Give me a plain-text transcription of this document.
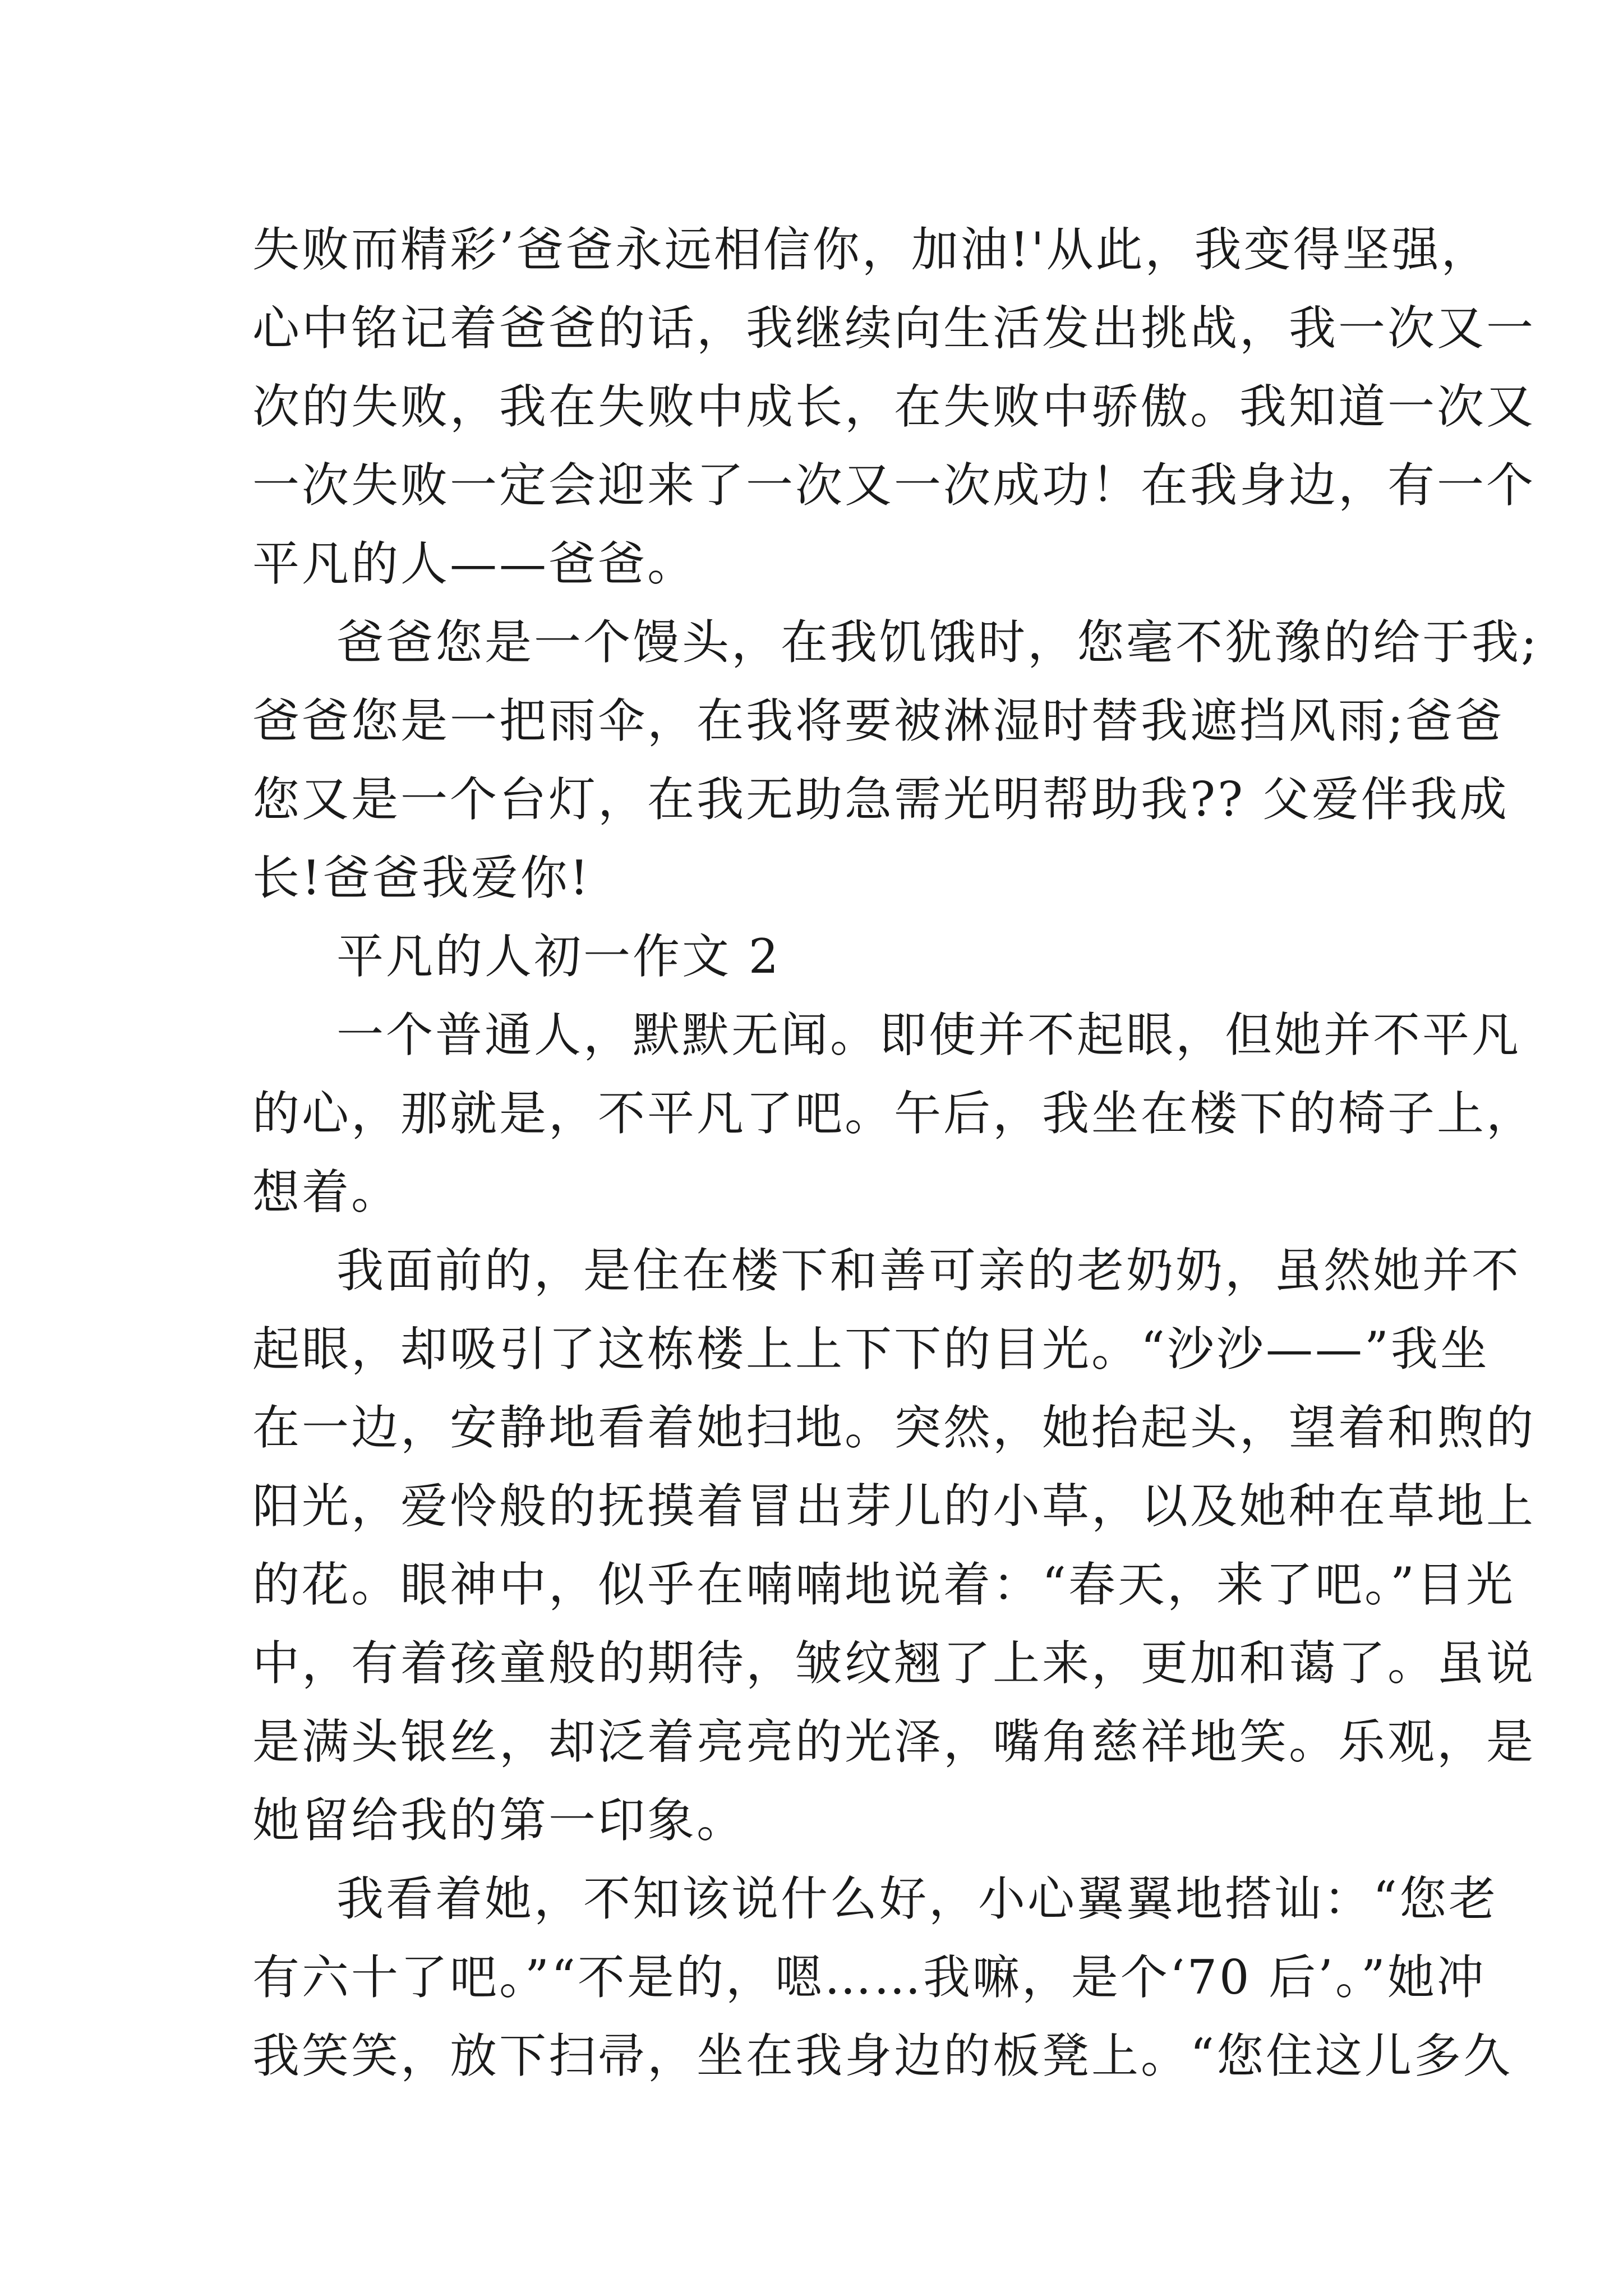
失败而精彩’爸爸永远相信你，加油!'从此，我变得坚强，
心中铭记着爸爸的话，我继续向生活发出挑战，我一次又一
次的失败，我在失败中成长，在失败中骄傲。我知道一次又
一次失败一定会迎来了一次又一次成功！在我身边，有一个
平凡的人——爸爸。
爸爸您是一个馒头，在我饥饿时，您毫不犹豫的给于我;
爸爸您是一把雨伞，在我将要被淋湿时替我遮挡风雨;爸爸
您又是一个台灯，在我无助急需光明帮助我?? 父爱伴我成
长!爸爸我爱你!
平凡的人初一作文 2
一个普通人，默默无闻。即使并不起眼，但她并不平凡
的心，那就是，不平凡了吧。午后，我坐在楼下的椅子上，
想着。
我面前的，是住在楼下和善可亲的老奶奶，虽然她并不
起眼，却吸引了这栋楼上上下下的目光。“沙沙——”我坐
在一边，安静地看着她扫地。突然，她抬起头，望着和煦的
阳光，爱怜般的抚摸着冒出芽儿的小草，以及她种在草地上
的花。眼神中，似乎在喃喃地说着：“春天，来了吧。”目光
中，有着孩童般的期待，皱纹翘了上来，更加和蔼了。虽说
是满头银丝，却泛着亮亮的光泽，嘴角慈祥地笑。乐观，是
她留给我的第一印象。
我看着她，不知该说什么好，小心翼翼地搭讪：“您老
有六十了吧。”“不是的，嗯……我嘛，是个‘70 后’。”她冲
我笑笑，放下扫帚，坐在我身边的板凳上。“您住这儿多久
